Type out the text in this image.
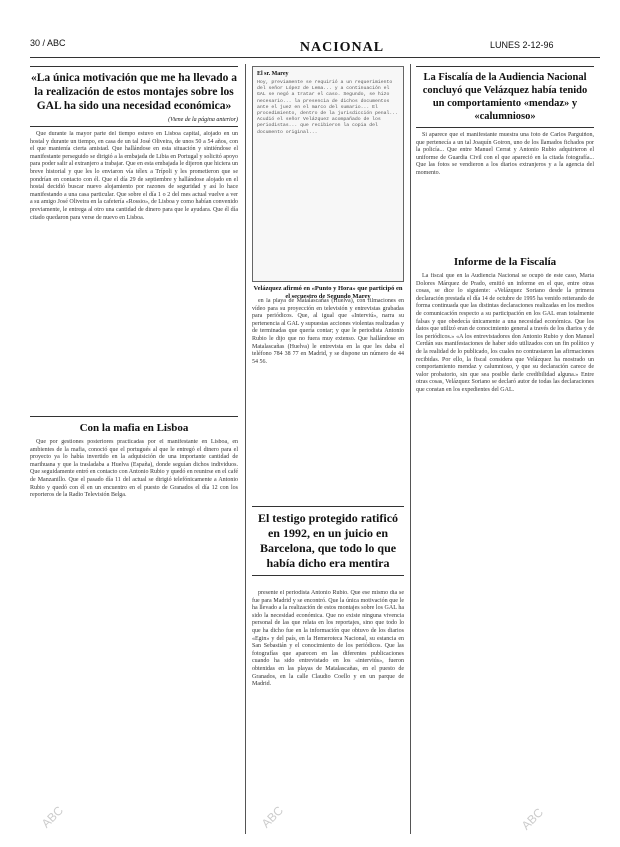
30 / ABC	NACIONAL	LUNES 2-12-96
«La única motivación que me ha llevado a la realización de estos montajes sobre los GAL ha sido una necesidad económica»
(Viene de la página anterior)

Que durante la mayor parte del tiempo estuvo en Lisboa capital, alojado en un hostal y durante un tiempo, en casa de un tal José Oliveira, de unos 50 a 54 años, con el que mantenía cierta amistad. Que hallándose en esta situación y sintiéndose el manifestante perseguido se dirigió a la embajada de Libia en Portugal y solicitó apoyo para poder salir al extranjero a trabajar. Que en esta embajada le dijeron que hiciera un breve historial y que les lo enviaron vía télex a Trípoli y les prometieron que se pondrían en contacto con él. Que el día 29 de septiembre y hallándose alojado en el hostal decidió buscar nuevo alojamiento por razones de seguridad y así lo hace manifestando a una casa particular. Que sobre el día 1 o 2 del mes actual vuelve a ver a su amigo José Oliveira en la cafetería «Rossio», de Lisboa y como habían convenido previamente, le entrega al otro una cantidad de dinero para que le ayudara. Que él día citado quedaron para verse de nuevo en Lisboa.

Con la mafia en Lisboa

Que por gestiones posteriores practicadas por el manifestante en Lisboa, en ambientes de la mafia, conoció que el portugués al que le entregó el dinero para el proyecto ya lo había invertido en la adquisición de una importante cantidad de marihuana y que la trasladaba a Huelva (España), donde seguían dichos individuos. Que seguidamente entró en contacto con Antonio Rubio y quedó en reunirse en el café de Manzanillo. Que el pasado día 11 del actual se dirigió telefónicamente a Antonio Rubio y quedó con él en un encuentro en el puesto de Granados el día 12 con los reporteros de la Radio Televisión Belga.

El sr. Marey
Hoy, previamente se requirió a un requerimiento del señor López de Lema... y a continuación el GAL se negó a tratar el caso. Segundo, se hizo necesario... la presencia de dichos documentos ante el juez en el marco del sumario... El procedimiento, dentro de la jurisdicción penal... Acudió el señor Velázquez acompañado de los periodistas... que recibieron la copia del documento original...
Velázquez afirmó en «Punto y Hora» que participó en el secuestro de Segundo Marey

en la playa de Matalascañas (Huelva), con filmaciones en vídeo para su proyección en televisión y entrevistas grabadas para periódicos. Que, al igual que «Interviú», narra su pertenencia al GAL y supuestas acciones violentas realizadas y de terminadas que quería contar; y que le periodista Antonio Rubio le dijo que no fuera muy extenso. Que hallándose en Matalascañas (Huelva) le entrevista en la que les daba el teléfono 784 38 77 en Madrid, y se dispone un número de 44 54 56.

El testigo protegido ratificó en 1992, en un juicio en Barcelona, que todo lo que había dicho era mentira

presente el periodista Antonio Rubio. Que ese mismo día se fue para Madrid y se encontró. Que la única motivación que le ha llevado a la realización de estos montajes sobre los GAL ha sido la necesidad económica. Que no existe ninguna vivencia personal de las que relata en los reportajes, sino que todo lo que ha dicho fue en la información que obtuvo de los diarios «Egin» y del país, en la Hemeroteca Nacional, su estancia en San Sebastián y el conocimiento de los periódicos. Que las fotografías que aparecen en las diferentes publicaciones cuando ha sido entrevistado en los «interviús», fueron obtenidas en las playas de Matalascañas, en el puesto de Granados, en la calle Claudio Coello y en un parque de Madrid.

La Fiscalía de la Audiencia Nacional concluyó que Velázquez había tenido un comportamiento «mendaz» y «calumnioso»

Si aparece que el manifestante muestra una foto de Carlos Parguiñon, que pertenecía a un tal Joaquín Goiron, uno de los llamados fichados por la policía... Que entre Manuel Cerrat y Antonio Rubio adquirieron el uniforme de Guardia Civil con el que apareció en la citada fotografía... Que las fotos se vendieron a los diarios extranjeros y a la agencia del momento.

Informe de la Fiscalía

La fiscal que en la Audiencia Nacional se ocupó de este caso, María Dolores Márquez de Prado, emitió un informe en el que, entre otras cosas, se dice lo siguiente: «Velázquez Soriano desde la primera declaración prestada el día 14 de octubre de 1995 ha venido reiterando de forma continuada que las distintas declaraciones realizadas en los medios de comunicación respecto a su participación en los GAL eran totalmente falsas y que obedecía únicamente a una necesidad económica. Que los datos que utilizó eran de conocimiento general a través de los diarios y de los periódicos.» «A los entrevistadores don Antonio Rubio y don Manuel Cerdán sus manifestaciones de haber sido utilizados con un fin político y de la realidad de lo publicado, los cuales no contrastaron las afirmaciones recibidas. Por ello, la fiscal considera que Velázquez ha mostrado un comportamiento mendaz y calumnioso, y que su declaración carece de valor probatorio, sin que sea posible darle credibilidad alguna.» Entre otras cosas, Velázquez Soriano se declaró autor de todas las declaraciones que constan en los expedientes del GAL.

ABC	ABC	ABC
